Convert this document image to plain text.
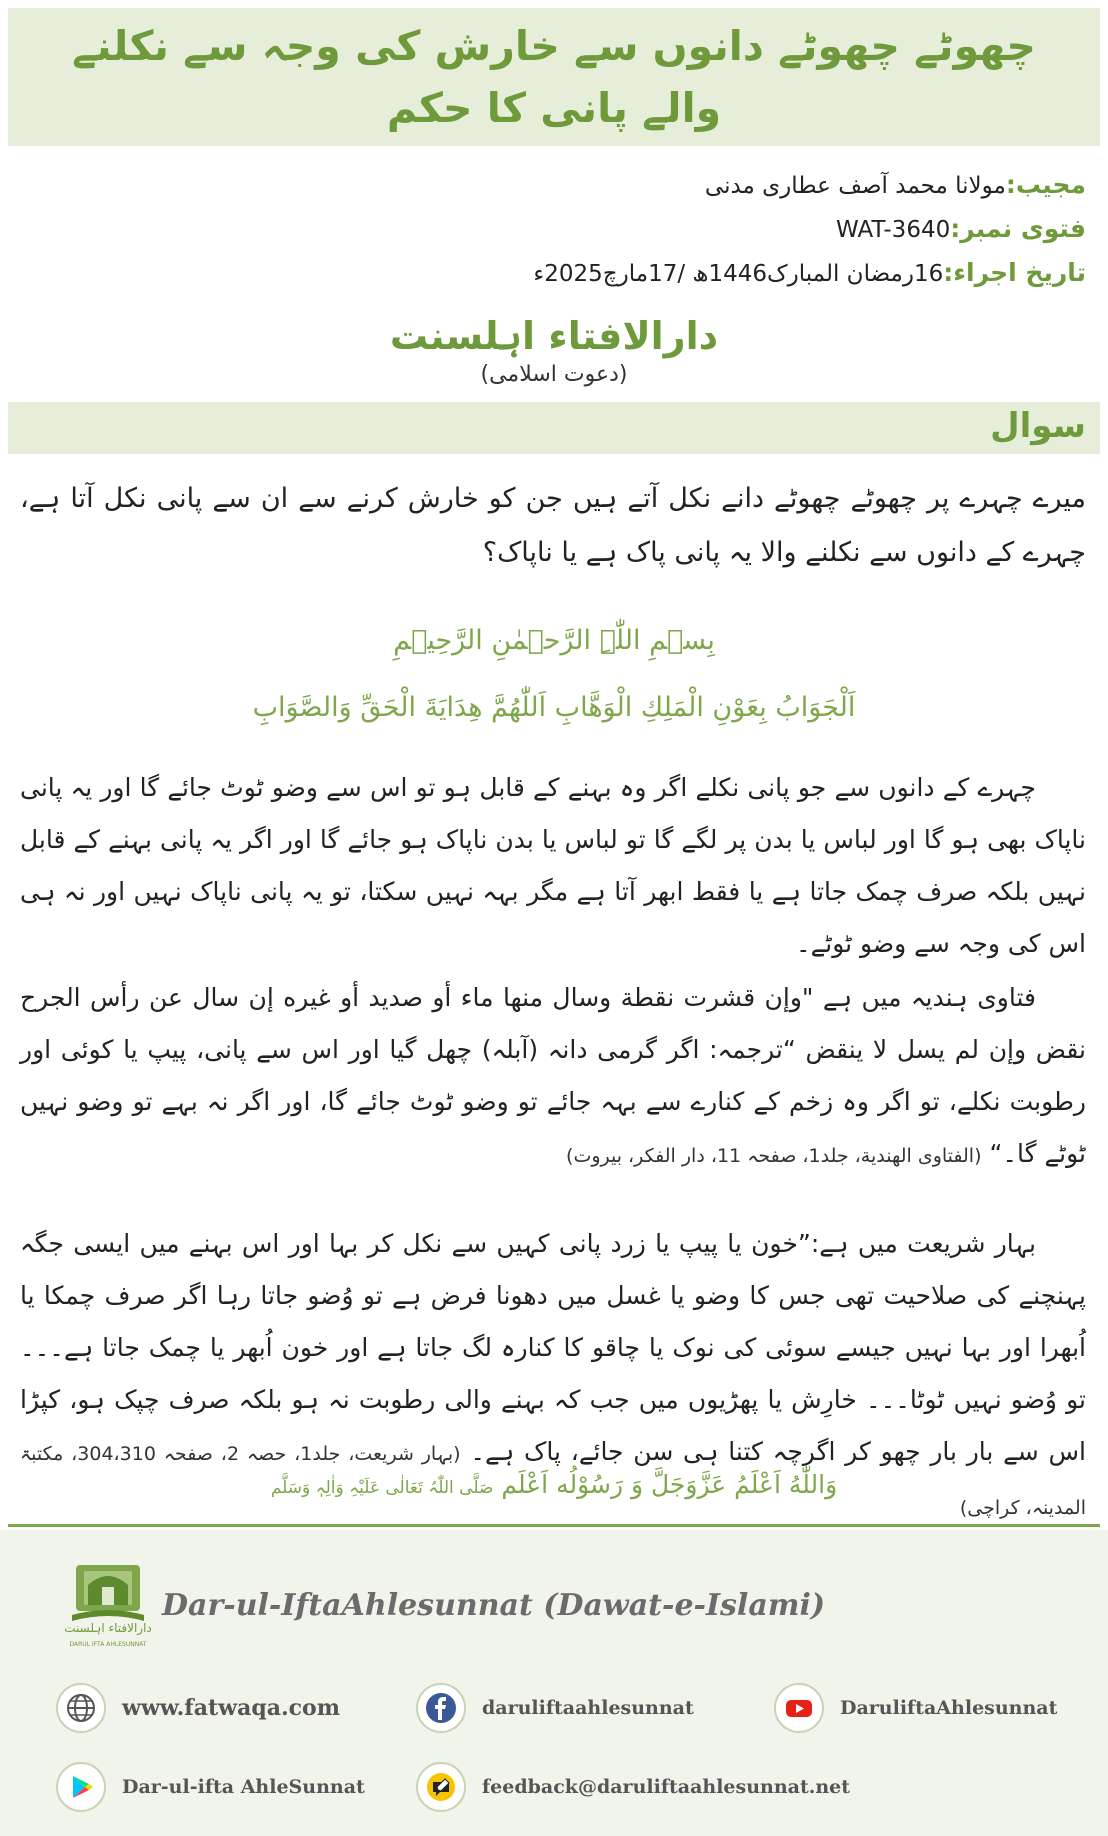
چھوٹے چھوٹے دانوں سے خارش کی وجہ سے نکلنے والے پانی کا حکم
مجیب:مولانا محمد آصف عطاری مدنی
فتوی نمبر:WAT-3640
تاریخ اجراء:16رمضان المبارک1446ھ /17مارچ2025ء
دارالافتاء اہلسنت
(دعوت اسلامی)
سوال
میرے چہرے پر چھوٹے چھوٹے دانے نکل آتے ہیں جن کو خارش کرنے سے ان سے پانی نکل آتا ہے، چہرے کے دانوں سے نکلنے والا یہ پانی پاک ہے یا ناپاک؟
بِسۡمِ اللّٰہِ الرَّحۡمٰنِ الرَّحِیۡمِ
اَلْجَوَابُ بِعَوْنِ الْمَلِكِ الْوَهَّابِ اَللّٰهُمَّ هِدَايَةَ الْحَقِّ وَالصَّوَابِ
چہرے کے دانوں سے جو پانی نکلے اگر وہ بہنے کے قابل ہو تو اس سے وضو ٹوٹ جائے گا اور یہ پانی ناپاک بھی ہو گا اور لباس یا بدن پر لگے گا تو لباس یا بدن ناپاک ہو جائے گا اور اگر یہ پانی بہنے کے قابل نہیں بلکہ صرف چمک جاتا ہے یا فقط ابھر آتا ہے مگر بہہ نہیں سکتا، تو یہ پانی ناپاک نہیں اور نہ ہی اس کی وجہ سے وضو ٹوٹے۔
فتاوی ہندیہ میں ہے "وإن قشرت نقطة وسال منها ماء أو صديد أو غيره إن سال عن رأس الجرح نقض وإن لم يسل لا ينقض “ترجمہ: اگر گرمی دانہ (آبلہ) چھل گیا اور اس سے پانی، پیپ یا کوئی اور رطوبت نکلے، تو اگر وہ زخم کے کنارے سے بہہ جائے تو وضو ٹوٹ جائے گا، اور اگر نہ بہے تو وضو نہیں ٹوٹے گا۔“ (الفتاوی الهندية، جلد1، صفحہ 11، دار الفکر، بیروت)
بہار شریعت میں ہے:”خون یا پیپ یا زرد پانی کہیں سے نکل کر بہا اور اس بہنے میں ایسی جگہ پہنچنے کی صلاحیت تھی جس کا وضو یا غسل میں دھونا فرض ہے تو وُضو جاتا رہا اگر صرف چمکا یا اُبھرا اور بہا نہیں جیسے سوئی کی نوک یا چاقو کا کنارہ لگ جاتا ہے اور خون اُبھر یا چمک جاتا ہے۔۔۔ تو وُضو نہیں ٹوٹا۔۔۔ خارِش یا پھڑیوں میں جب کہ بہنے والی رطوبت نہ ہو بلکہ صرف چپک ہو، کپڑا اس سے بار بار چھو کر اگرچہ کتنا ہی سن جائے، پاک ہے۔ (بہار شریعت، جلد1، حصہ 2، صفحہ 304،310، مکتبۃ المدینہ، کراچی)
وَاللّٰهُ اَعْلَمُ عَزَّوَجَلَّ وَ رَسُوْلُه اَعْلَم صَلَّی اللّٰہُ تَعَالٰی عَلَیْہِ وَاٰلِہٖ وَسَلَّم
دارالافتاء اہلسنت
DARUL IFTA AHLESUNNAT
Dar-ul-IftaAhlesunnat (Dawat-e-Islami)
www.fatwaqa.com	daruliftaahlesunnat	DaruliftaAhlesunnat
Dar-ul-ifta AhleSunnat	feedback@daruliftaahlesunnat.net
